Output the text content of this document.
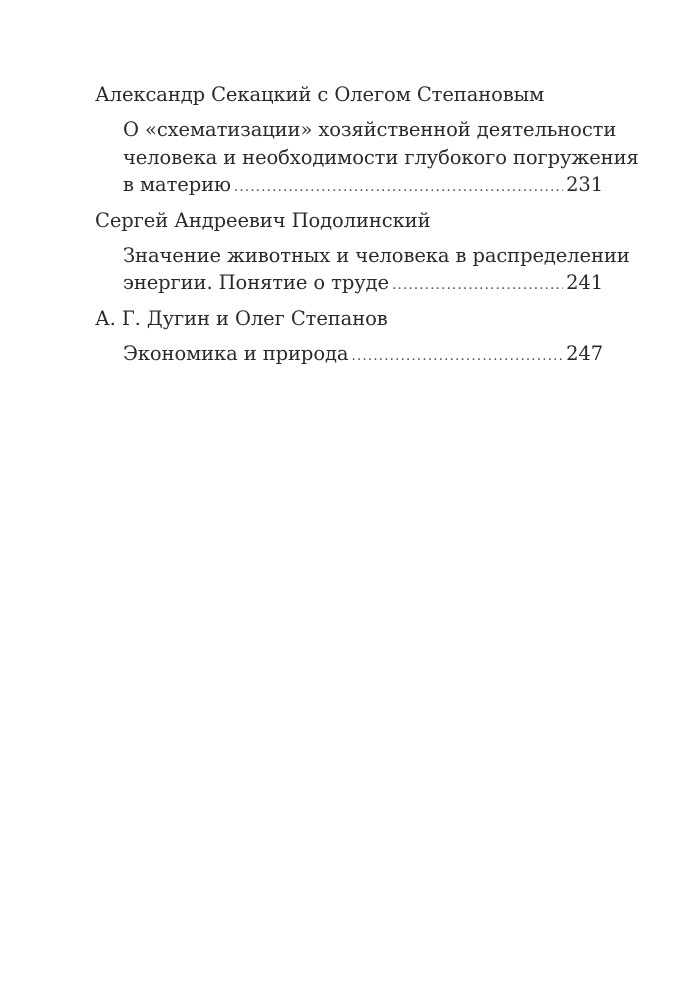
Александр Секацкий с Олегом Степановым

О «схематизации» хозяйственной деятельности
человека и необходимости глубокого погружения
в материю .....	231

Сергей Андреевич Подолинский

Значение животных и человека в распределении
энергии. Понятие о труде .....	241

А. Г. Дугин и Олег Степанов

Экономика и природа .....	247
